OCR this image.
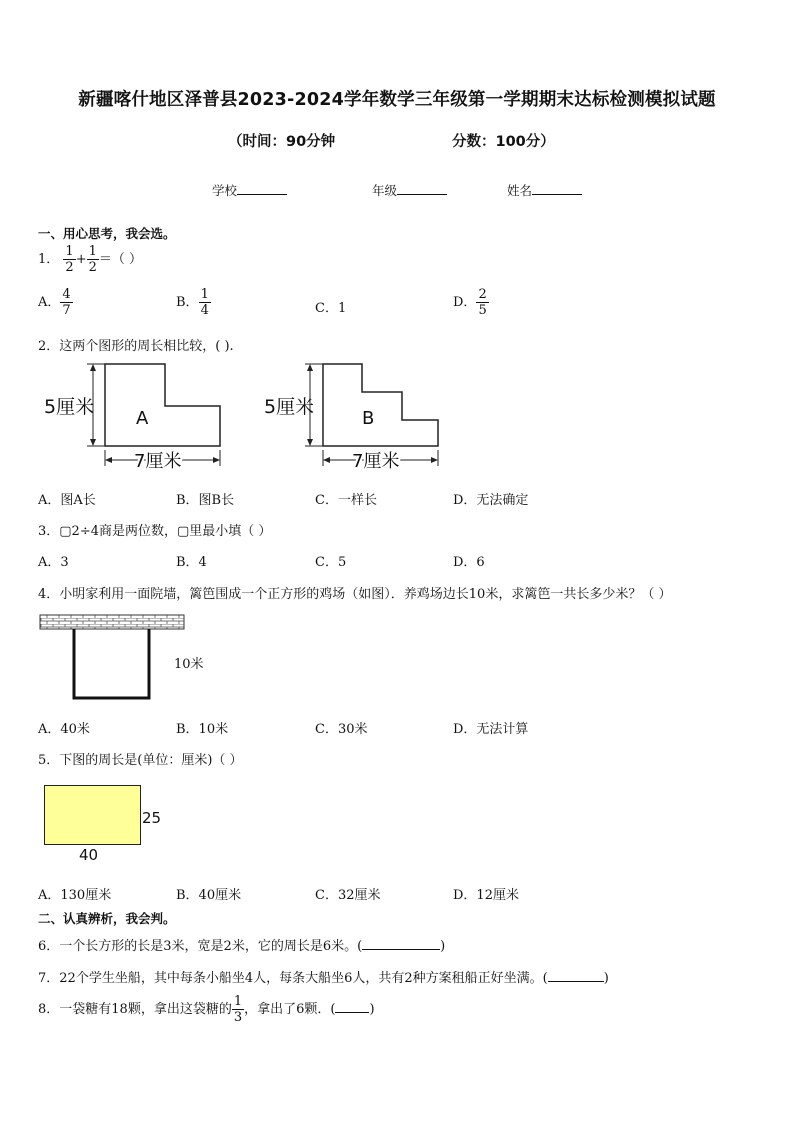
新疆喀什地区泽普县2023-2024学年数学三年级第一学期期末达标检测模拟试题
（时间：90分钟	分数：100分）
学校	年级	姓名
一、用心思考，我会选。
1． $\frac{1}{2} + \frac{1}{2}$ ＝（ ）
A． $\frac{4}{7}$	B． $\frac{1}{4}$	C．1	D． $\frac{2}{5}$
2．这两个图形的周长相比较，( ).
5厘米
A
7厘米
5厘米
B
7厘米
A．图A长	B．图B长	C．一样长	D．无法确定
3．▢2÷4商是两位数，▢里最小填（ ）
A．3	B．4	C．5	D．6
4．小明家利用一面院墙，篱笆围成一个正方形的鸡场（如图）．养鸡场边长10米，求篱笆一共长多少米？（ ）
10米
A．40米	B．10米	C．30米	D．无法计算
5．下图的周长是(单位：厘米)（ ）
25
40
A．130厘米	B．40厘米	C．32厘米	D．12厘米
二、认真辨析，我会判。
6．一个长方形的长是3米，宽是2米，它的周长是6米。(	)
7．22个学生坐船，其中每条小船坐4人，每条大船坐6人，共有2种方案租船正好坐满。(	)
8．一袋糖有18颗，拿出这袋糖的 $\frac{1}{3}$ ，拿出了6颗．(	)
